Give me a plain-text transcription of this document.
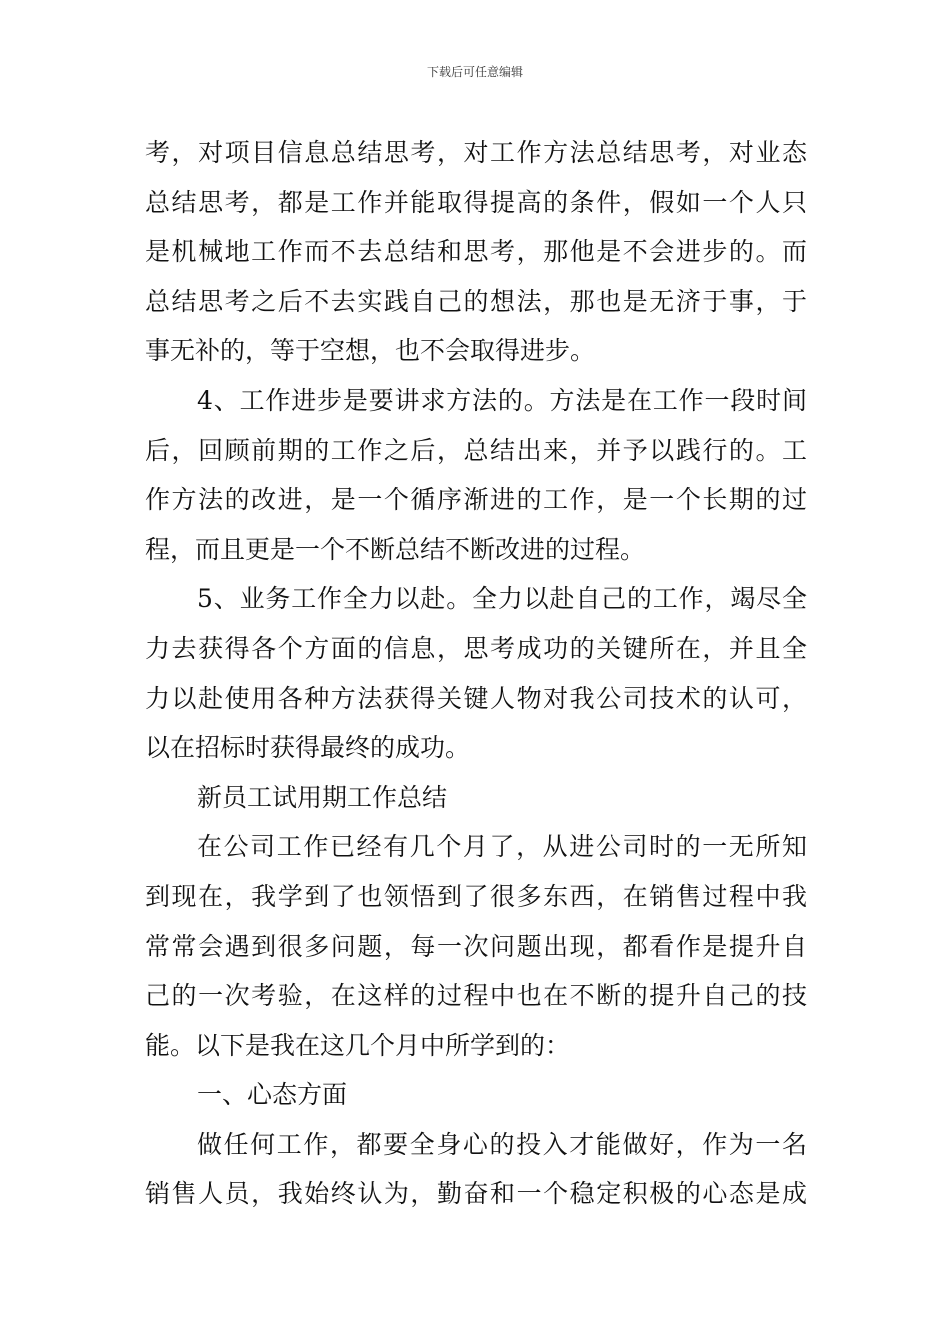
下载后可任意编辑
考，对项目信息总结思考，对工作方法总结思考，对业态
总结思考，都是工作并能取得提高的条件，假如一个人只
是机械地工作而不去总结和思考，那他是不会进步的。而
总结思考之后不去实践自己的想法，那也是无济于事，于
事无补的，等于空想，也不会取得进步。
4、工作进步是要讲求方法的。方法是在工作一段时间
后，回顾前期的工作之后，总结出来，并予以践行的。工
作方法的改进，是一个循序渐进的工作，是一个长期的过
程，而且更是一个不断总结不断改进的过程。
5、业务工作全力以赴。全力以赴自己的工作，竭尽全
力去获得各个方面的信息，思考成功的关键所在，并且全
力以赴使用各种方法获得关键人物对我公司技术的认可，
以在招标时获得最终的成功。
新员工试用期工作总结
在公司工作已经有几个月了，从进公司时的一无所知
到现在，我学到了也领悟到了很多东西，在销售过程中我
常常会遇到很多问题，每一次问题出现，都看作是提升自
己的一次考验，在这样的过程中也在不断的提升自己的技
能。以下是我在这几个月中所学到的：
一、心态方面
做任何工作，都要全身心的投入才能做好，作为一名
销售人员，我始终认为，勤奋和一个稳定积极的心态是成
